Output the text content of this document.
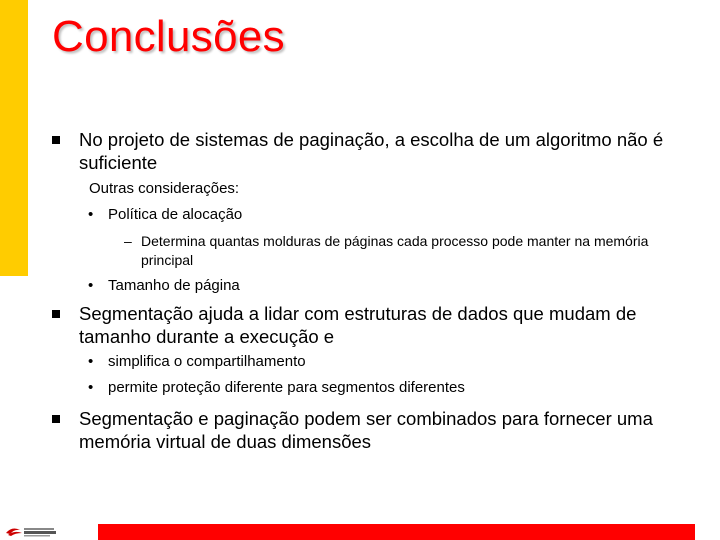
Conclusões
No projeto de sistemas de paginação, a escolha de um algoritmo não é suficiente
Outras considerações:
• Política de alocação
– Determina quantas molduras de páginas cada processo pode manter na memória principal
• Tamanho de página
Segmentação ajuda a lidar com estruturas de dados que mudam de tamanho durante a execução e
• simplifica o compartilhamento
• permite proteção diferente para segmentos diferentes
Segmentação e paginação podem ser combinados para fornecer uma memória virtual de duas dimensões
